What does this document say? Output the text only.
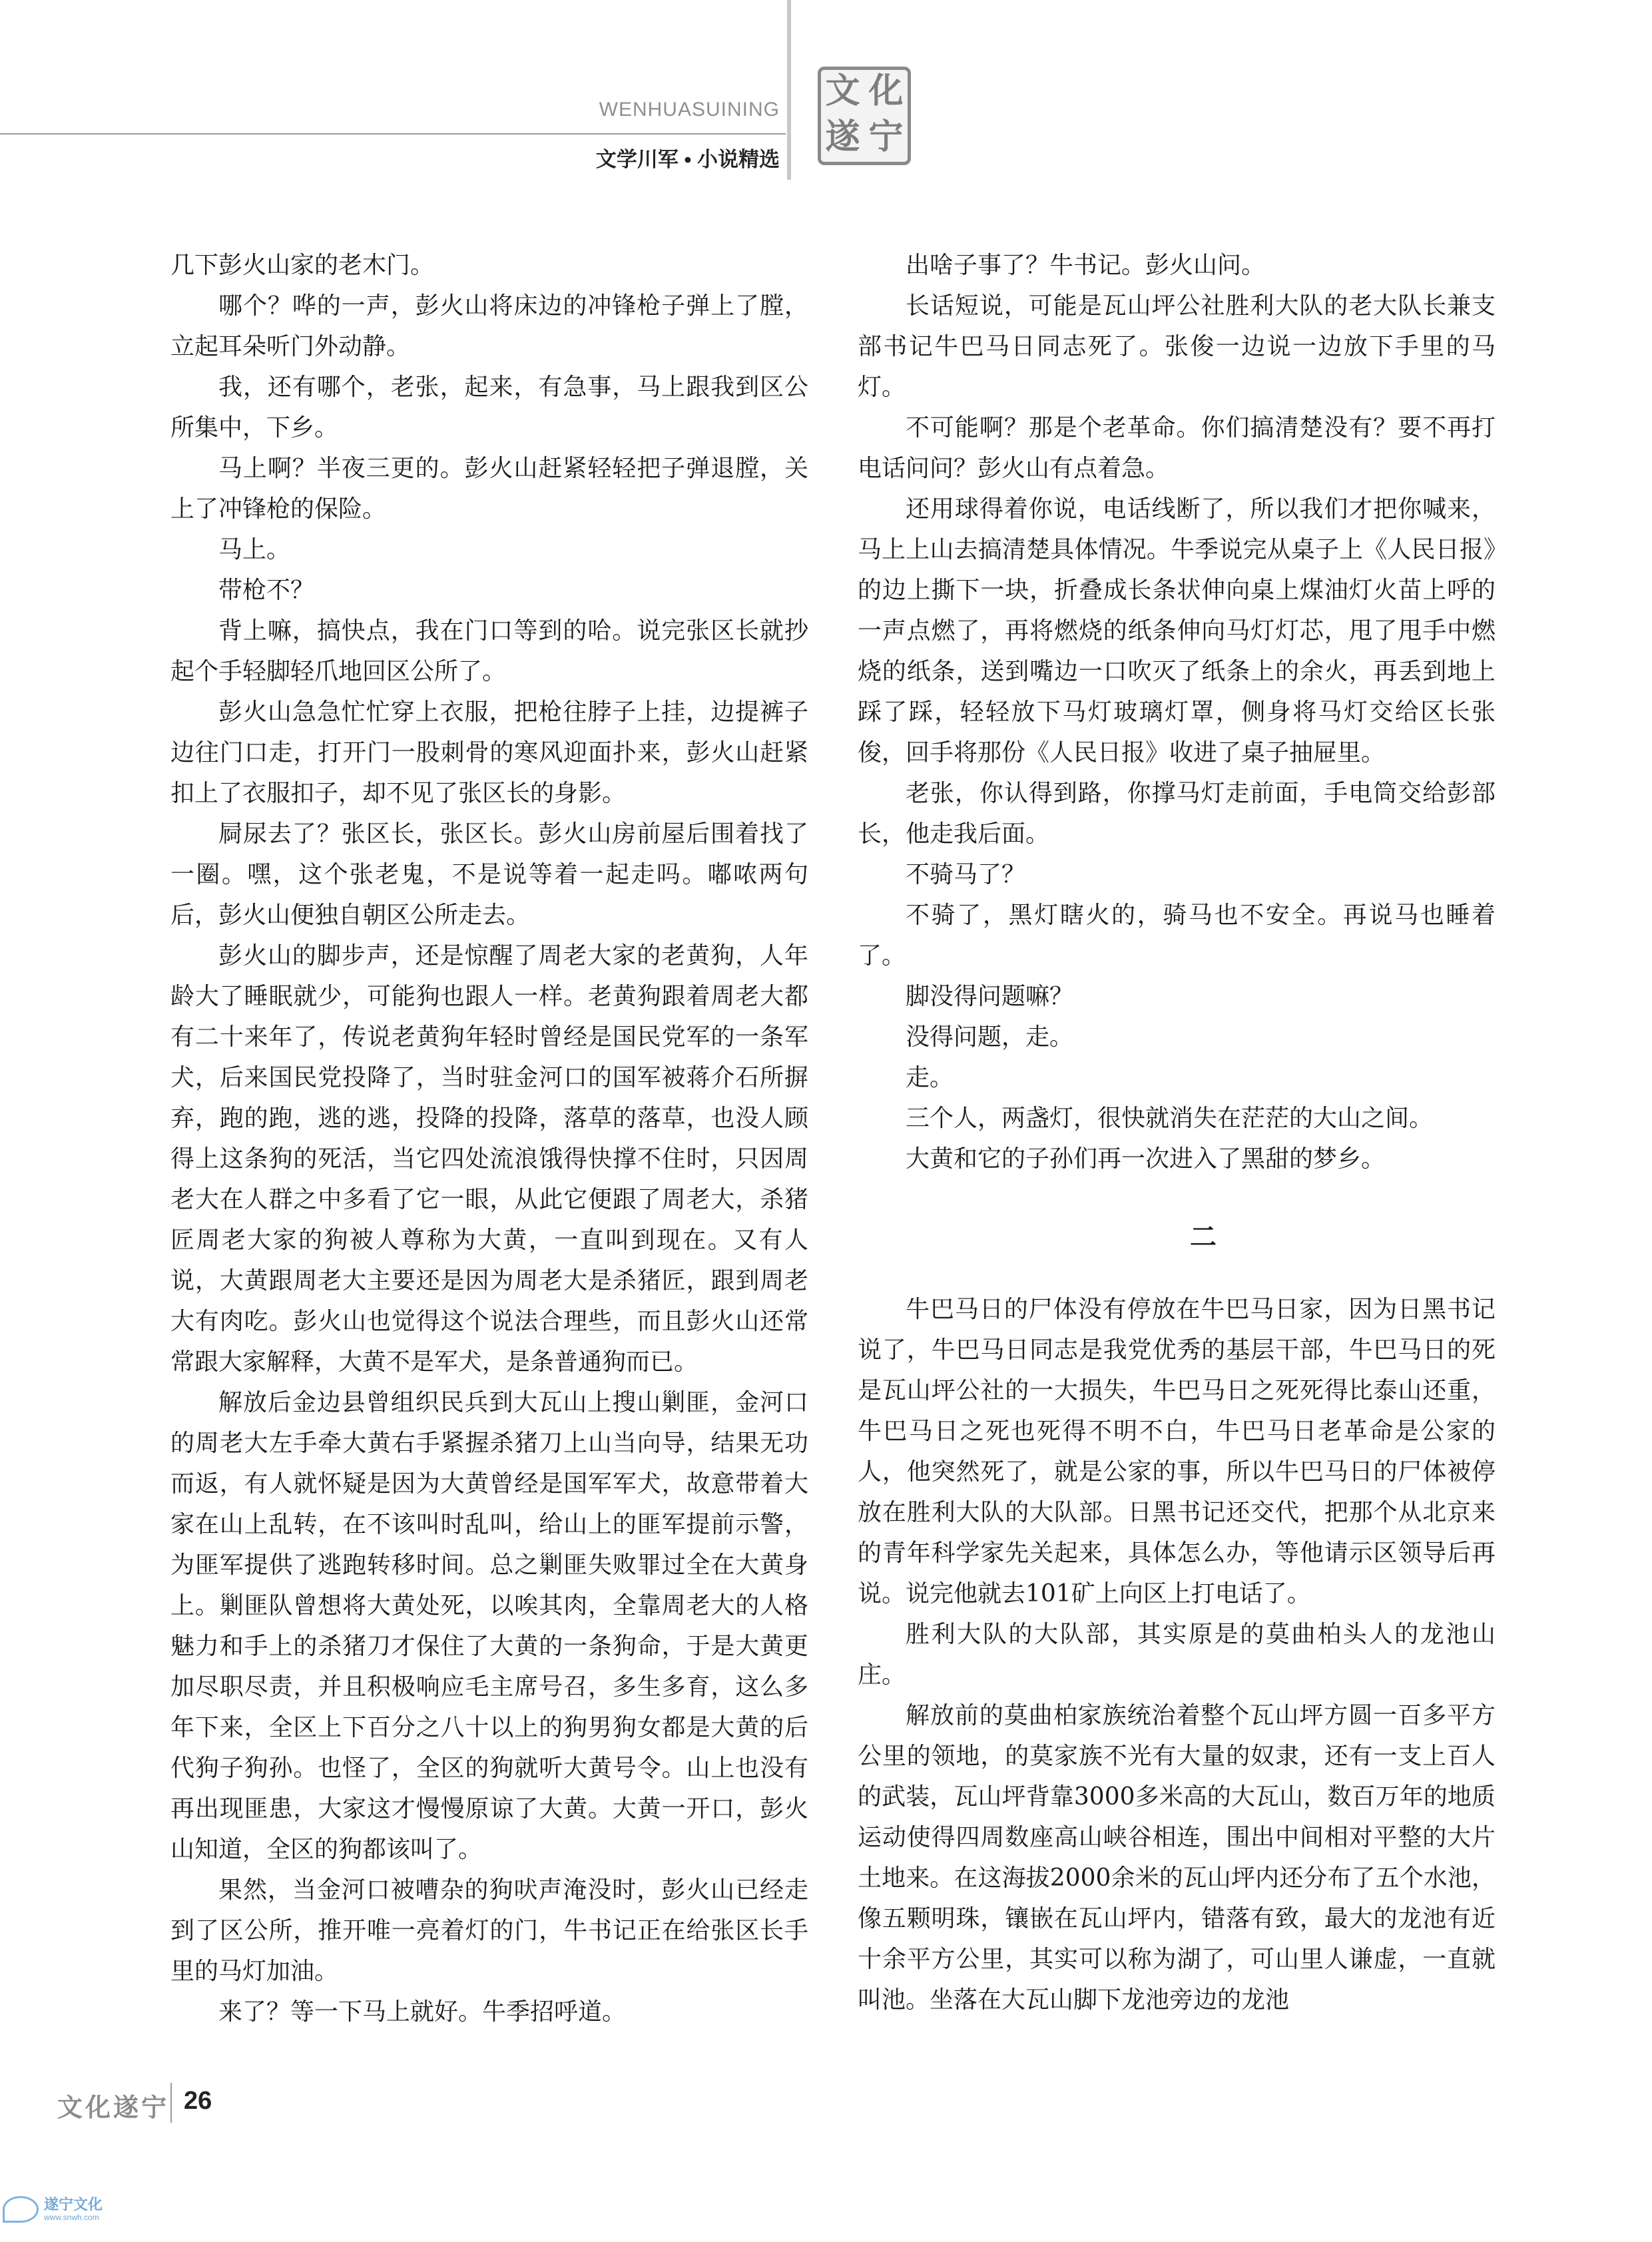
WENHUASUINING
文学川军 • 小说精选
文 化
遂 宁

几下彭火山家的老木门。

哪个？哗的一声，彭火山将床边的冲锋枪子弹上了膛，立起耳朵听门外动静。

我，还有哪个，老张，起来，有急事，马上跟我到区公所集中，下乡。

马上啊？半夜三更的。彭火山赶紧轻轻把子弹退膛，关上了冲锋枪的保险。

马上。

带枪不？

背上嘛，搞快点，我在门口等到的哈。说完张区长就抄起个手轻脚轻爪地回区公所了。

彭火山急急忙忙穿上衣服，把枪往脖子上挂，边提裤子边往门口走，打开门一股刺骨的寒风迎面扑来，彭火山赶紧扣上了衣服扣子，却不见了张区长的身影。

屙尿去了？张区长，张区长。彭火山房前屋后围着找了一圈。嘿，这个张老鬼，不是说等着一起走吗。嘟哝两句后，彭火山便独自朝区公所走去。

彭火山的脚步声，还是惊醒了周老大家的老黄狗，人年龄大了睡眠就少，可能狗也跟人一样。老黄狗跟着周老大都有二十来年了，传说老黄狗年轻时曾经是国民党军的一条军犬，后来国民党投降了，当时驻金河口的国军被蒋介石所摒弃，跑的跑，逃的逃，投降的投降，落草的落草，也没人顾得上这条狗的死活，当它四处流浪饿得快撑不住时，只因周老大在人群之中多看了它一眼，从此它便跟了周老大，杀猪匠周老大家的狗被人尊称为大黄，一直叫到现在。又有人说，大黄跟周老大主要还是因为周老大是杀猪匠，跟到周老大有肉吃。彭火山也觉得这个说法合理些，而且彭火山还常常跟大家解释，大黄不是军犬，是条普通狗而已。

解放后金边县曾组织民兵到大瓦山上搜山剿匪，金河口的周老大左手牵大黄右手紧握杀猪刀上山当向导，结果无功而返，有人就怀疑是因为大黄曾经是国军军犬，故意带着大家在山上乱转，在不该叫时乱叫，给山上的匪军提前示警，为匪军提供了逃跑转移时间。总之剿匪失败罪过全在大黄身上。剿匪队曾想将大黄处死，以唉其肉，全靠周老大的人格魅力和手上的杀猪刀才保住了大黄的一条狗命，于是大黄更加尽职尽责，并且积极响应毛主席号召，多生多育，这么多年下来，全区上下百分之八十以上的狗男狗女都是大黄的后代狗子狗孙。也怪了，全区的狗就听大黄号令。山上也没有再出现匪患，大家这才慢慢原谅了大黄。大黄一开口，彭火山知道，全区的狗都该叫了。

果然，当金河口被嘈杂的狗吠声淹没时，彭火山已经走到了区公所，推开唯一亮着灯的门，牛书记正在给张区长手里的马灯加油。

来了？等一下马上就好。牛季招呼道。

出啥子事了？牛书记。彭火山问。

长话短说，可能是瓦山坪公社胜利大队的老大队长兼支部书记牛巴马日同志死了。张俊一边说一边放下手里的马灯。

不可能啊？那是个老革命。你们搞清楚没有？要不再打电话问问？彭火山有点着急。

还用球得着你说，电话线断了，所以我们才把你喊来，马上上山去搞清楚具体情况。牛季说完从桌子上《人民日报》的边上撕下一块，折叠成长条状伸向桌上煤油灯火苗上呼的一声点燃了，再将燃烧的纸条伸向马灯灯芯，甩了甩手中燃烧的纸条，送到嘴边一口吹灭了纸条上的余火，再丢到地上踩了踩，轻轻放下马灯玻璃灯罩，侧身将马灯交给区长张俊，回手将那份《人民日报》收进了桌子抽屉里。

老张，你认得到路，你撑马灯走前面，手电筒交给彭部长，他走我后面。

不骑马了？

不骑了，黑灯瞎火的，骑马也不安全。再说马也睡着了。

脚没得问题嘛？

没得问题，走。

走。

三个人，两盏灯，很快就消失在茫茫的大山之间。

大黄和它的子孙们再一次进入了黑甜的梦乡。

二

牛巴马日的尸体没有停放在牛巴马日家，因为日黑书记说了，牛巴马日同志是我党优秀的基层干部，牛巴马日的死是瓦山坪公社的一大损失，牛巴马日之死死得比泰山还重，牛巴马日之死也死得不明不白，牛巴马日老革命是公家的人，他突然死了，就是公家的事，所以牛巴马日的尸体被停放在胜利大队的大队部。日黑书记还交代，把那个从北京来的青年科学家先关起来，具体怎么办，等他请示区领导后再说。说完他就去101矿上向区上打电话了。

胜利大队的大队部，其实原是的莫曲柏头人的龙池山庄。

解放前的莫曲柏家族统治着整个瓦山坪方圆一百多平方公里的领地，的莫家族不光有大量的奴隶，还有一支上百人的武装，瓦山坪背靠3000多米高的大瓦山，数百万年的地质运动使得四周数座高山峡谷相连，围出中间相对平整的大片土地来。在这海拔2000余米的瓦山坪内还分布了五个水池，像五颗明珠，镶嵌在瓦山坪内，错落有致，最大的龙池有近十余平方公里，其实可以称为湖了，可山里人谦虚，一直就叫池。坐落在大瓦山脚下龙池旁边的龙池

文化遂宁 26
遂宁文化
www.snwh.com
